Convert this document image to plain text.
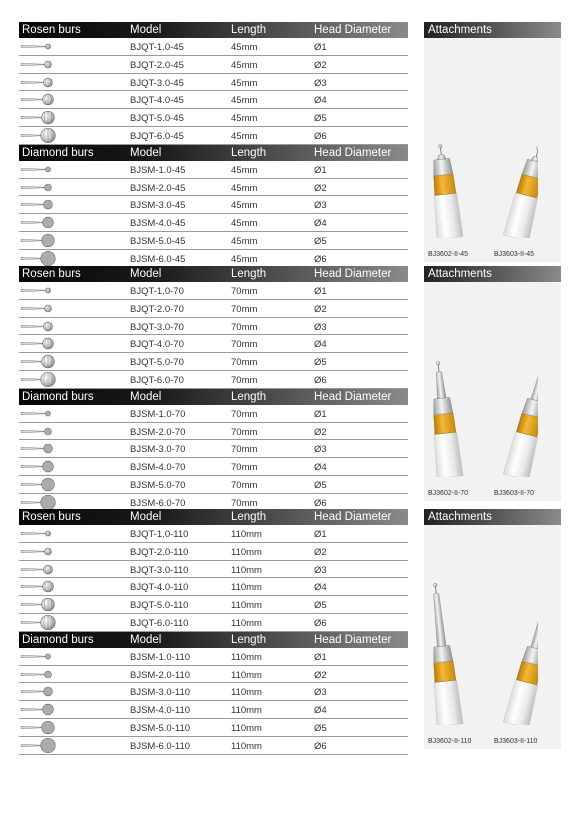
Rosen burs	Model	Length	Head Diameter
BJQT-1.0-45	45mm	Ø1
BJQT-2.0-45	45mm	Ø2
BJQT-3.0-45	45mm	Ø3
BJQT-4.0-45	45mm	Ø4
BJQT-5.0-45	45mm	Ø5
BJQT-6.0-45	45mm	Ø6
Diamond burs	Model	Length	Head Diameter
BJSM-1.0-45	45mm	Ø1
BJSM-2.0-45	45mm	Ø2
BJSM-3.0-45	45mm	Ø3
BJSM-4.0-45	45mm	Ø4
BJSM-5.0-45	45mm	Ø5
BJSM-6.0-45	45mm	Ø6
Attachments
BJ3602-II-45	BJ3603-II-45
Rosen burs	Model	Length	Head Diameter
BJQT-1.0-70	70mm	Ø1
BJQT-2.0-70	70mm	Ø2
BJQT-3.0-70	70mm	Ø3
BJQT-4.0-70	70mm	Ø4
BJQT-5.0-70	70mm	Ø5
BJQT-6.0-70	70mm	Ø6
Diamond burs	Model	Length	Head Diameter
BJSM-1.0-70	70mm	Ø1
BJSM-2.0-70	70mm	Ø2
BJSM-3.0-70	70mm	Ø3
BJSM-4.0-70	70mm	Ø4
BJSM-5.0-70	70mm	Ø5
BJSM-6.0-70	70mm	Ø6
Attachments
BJ3602-II-70	BJ3603-II-70
Rosen burs	Model	Length	Head Diameter
BJQT-1.0-110	110mm	Ø1
BJQT-2.0-110	110mm	Ø2
BJQT-3.0-110	110mm	Ø3
BJQT-4.0-110	110mm	Ø4
BJQT-5.0-110	110mm	Ø5
BJQT-6.0-110	110mm	Ø6
Diamond burs	Model	Length	Head Diameter
BJSM-1.0-110	110mm	Ø1
BJSM-2.0-110	110mm	Ø2
BJSM-3.0-110	110mm	Ø3
BJSM-4.0-110	110mm	Ø4
BJSM-5.0-110	110mm	Ø5
BJSM-6.0-110	110mm	Ø6
Attachments
BJ3602-II-110	BJ3603-II-110
